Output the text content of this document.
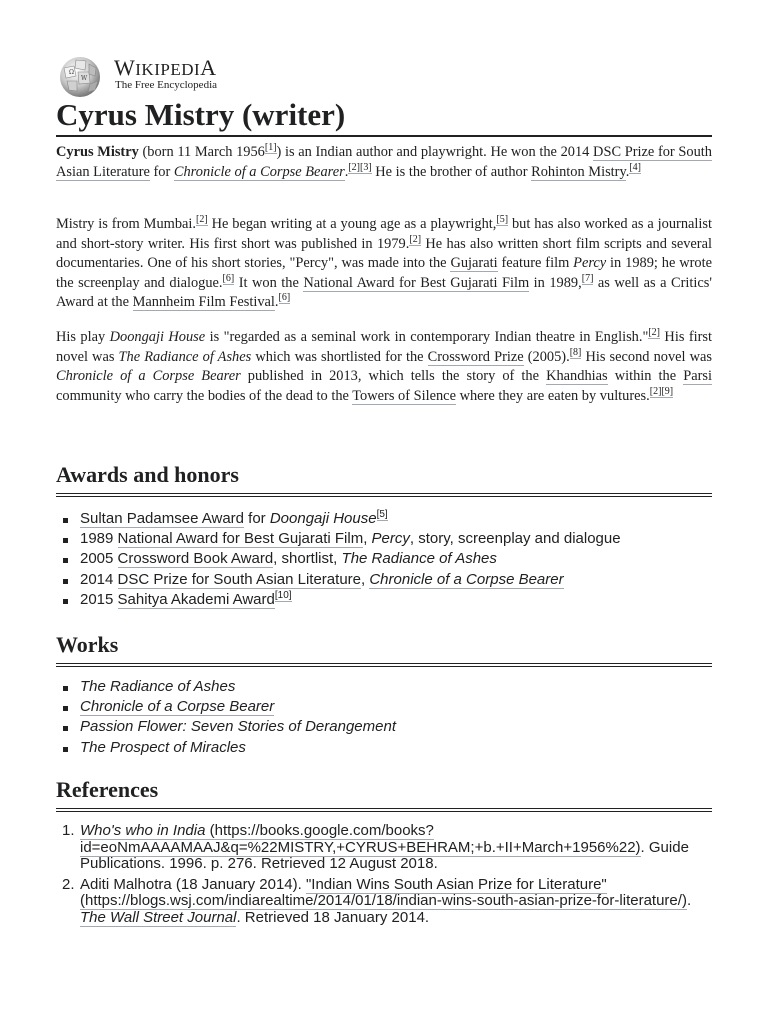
Ω
W WIKIPEDIA
The Free Encyclopedia
Cyrus Mistry (writer)

Cyrus Mistry (born 11 March 1956[1]) is an Indian author and playwright. He won the 2014 DSC Prize for South Asian Literature for Chronicle of a Corpse Bearer.[2][3] He is the brother of author Rohinton Mistry.[4]

Mistry is from Mumbai.[2] He began writing at a young age as a playwright,[5] but has also worked as a journalist and short-story writer. His first short was published in 1979.[2] He has also written short film scripts and several documentaries. One of his short stories, "Percy", was made into the Gujarati feature film Percy in 1989; he wrote the screenplay and dialogue.[6] It won the National Award for Best Gujarati Film in 1989,[7] as well as a Critics' Award at the Mannheim Film Festival.[6]

His play Doongaji House is "regarded as a seminal work in contemporary Indian theatre in English."[2] His first novel was The Radiance of Ashes which was shortlisted for the Crossword Prize (2005).[8] His second novel was Chronicle of a Corpse Bearer published in 2013, which tells the story of the Khandhias within the Parsi community who carry the bodies of the dead to the Towers of Silence where they are eaten by vultures.[2][9]

Awards and honors
Sultan Padamsee Award for Doongaji House[5]
1989 National Award for Best Gujarati Film, Percy, story, screenplay and dialogue
2005 Crossword Book Award, shortlist, The Radiance of Ashes
2014 DSC Prize for South Asian Literature, Chronicle of a Corpse Bearer
2015 Sahitya Akademi Award[10]
Works
The Radiance of Ashes
Chronicle of a Corpse Bearer
Passion Flower: Seven Stories of Derangement
The Prospect of Miracles
References
1. Who's who in India (https://books.google.com/books?id=eoNmAAAAMAAJ&q=%22MISTRY,+CYRUS+BEHRAM;+b.+II+March+1956%22). Guide Publications. 1996. p. 276. Retrieved 12 August 2018.
2. Aditi Malhotra (18 January 2014). "Indian Wins South Asian Prize for Literature" (https://blogs.wsj.com/indiarealtime/2014/01/18/indian-wins-south-asian-prize-for-literature/). The Wall Street Journal. Retrieved 18 January 2014.
